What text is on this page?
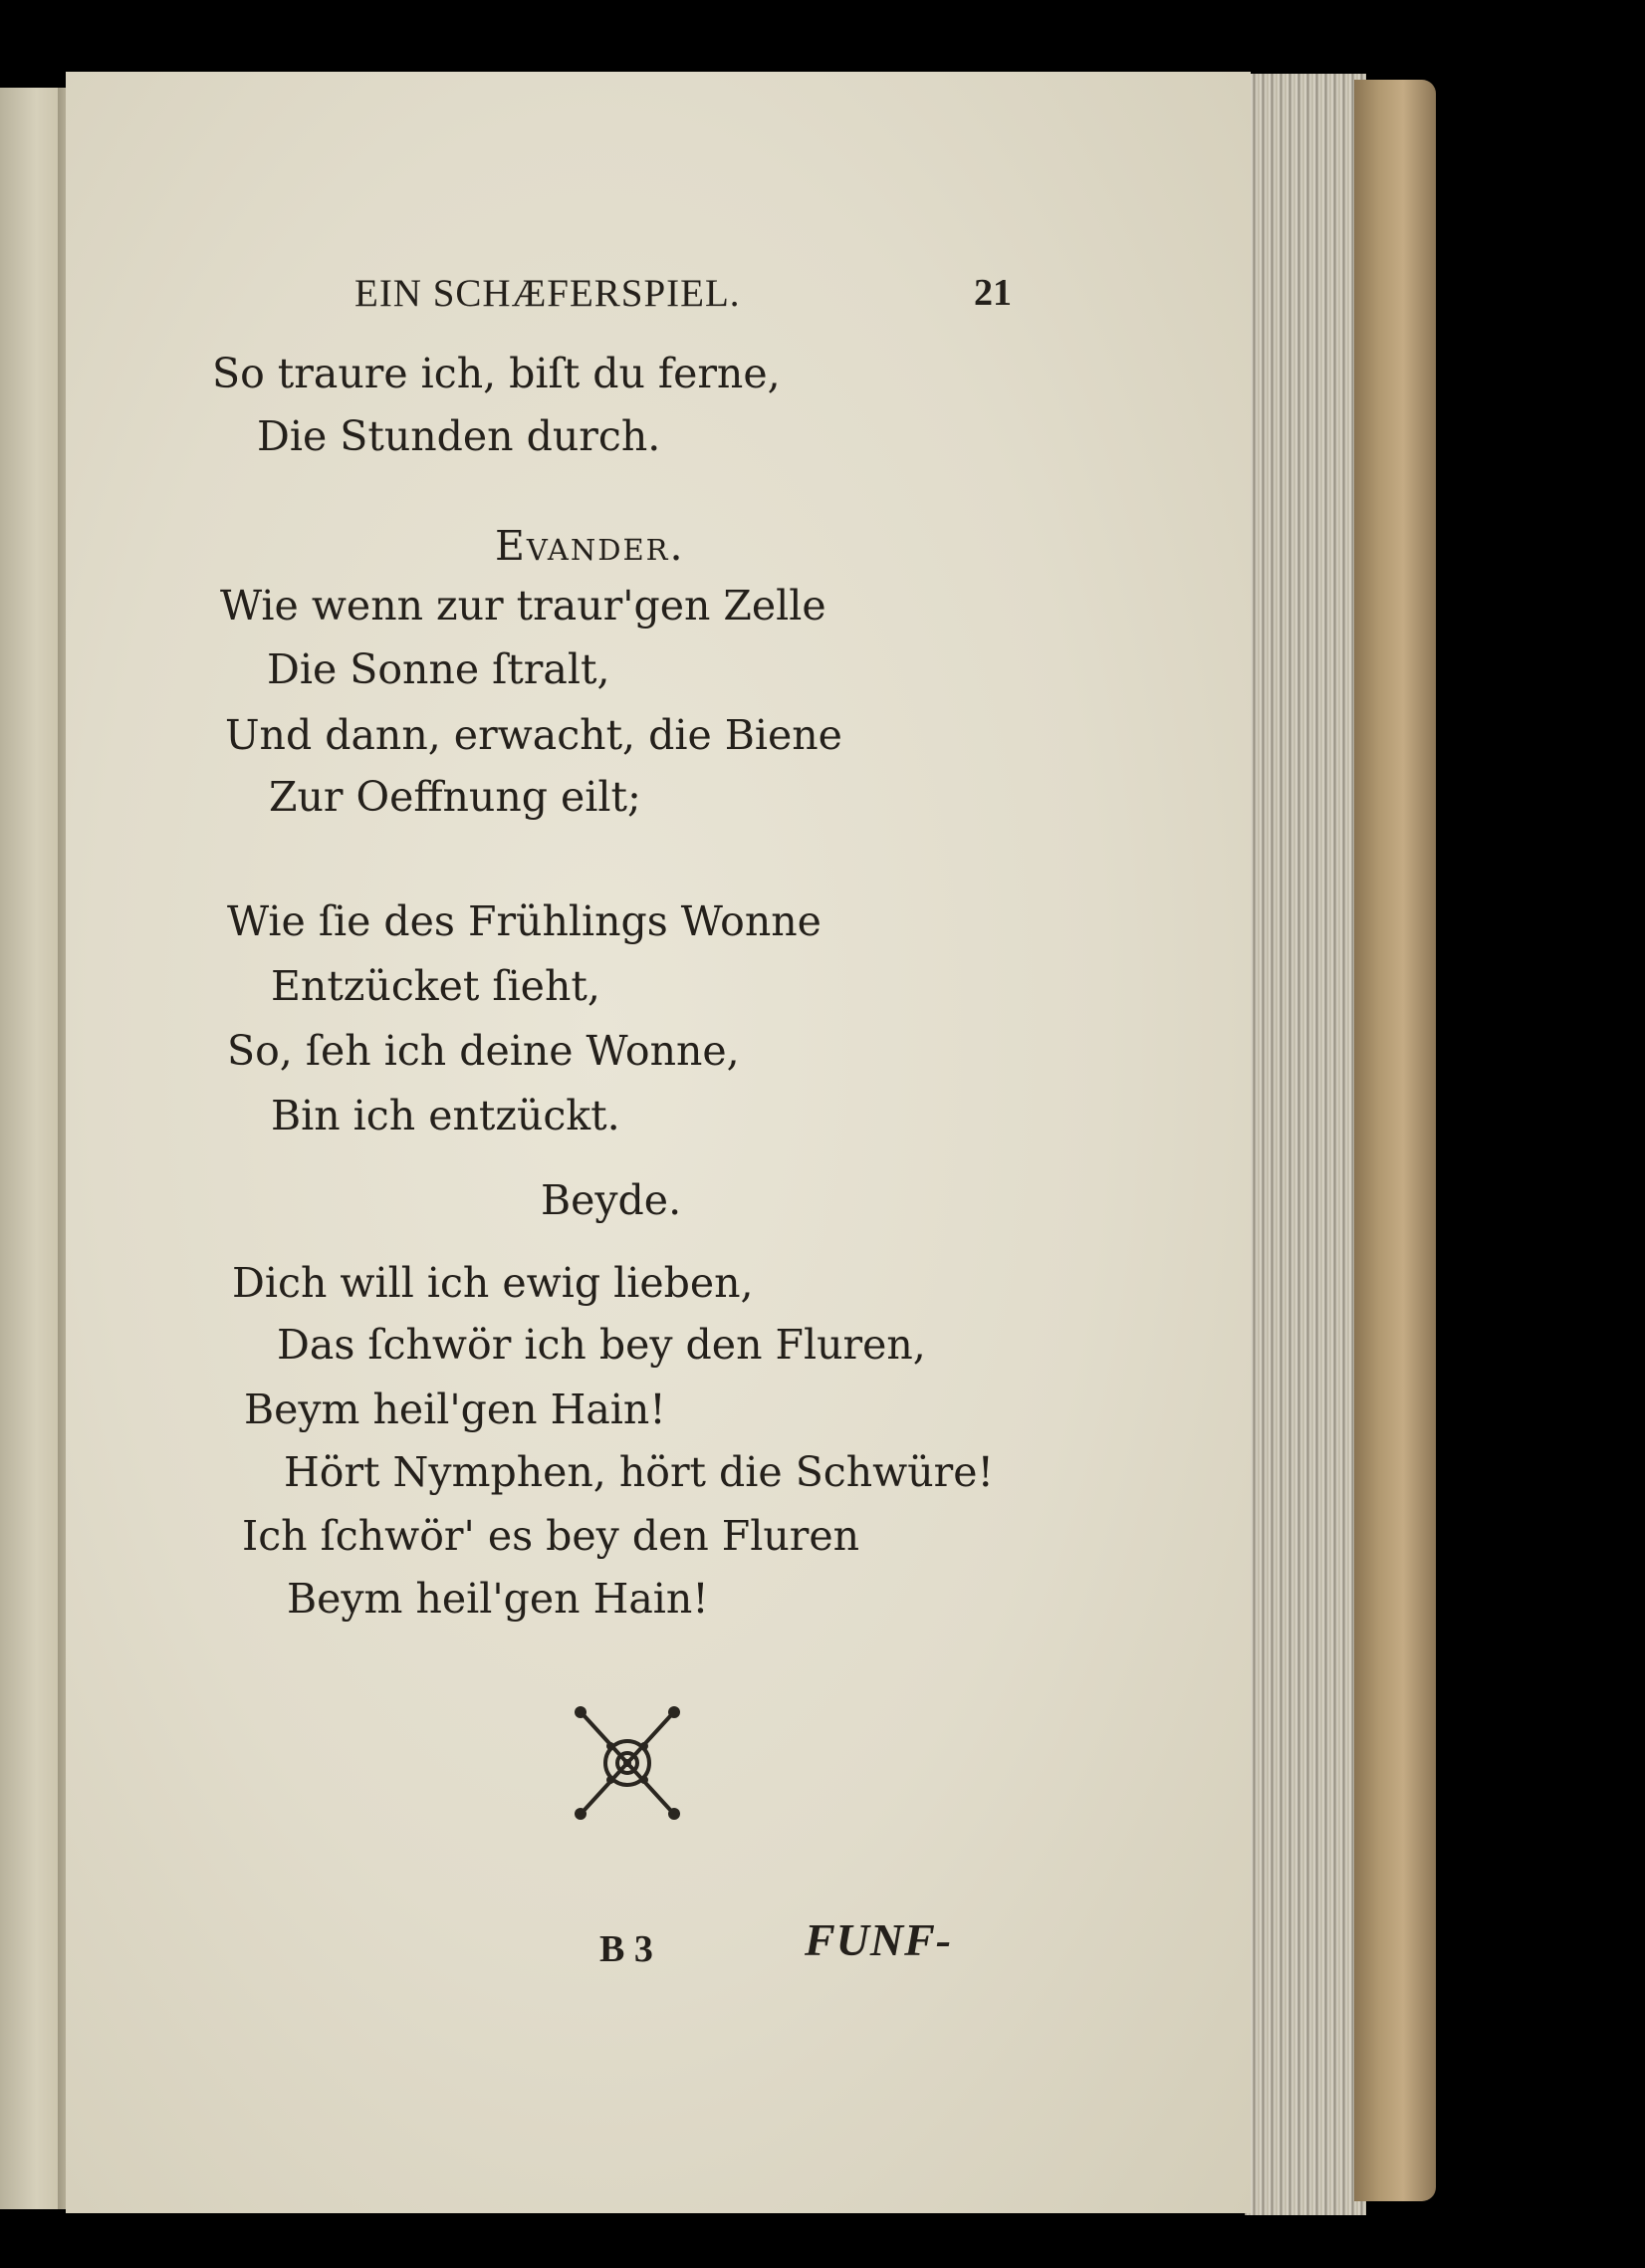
EIN SCHÆFERSPIEL.	21
So traure ich, biſt du ferne,
Die Stunden durch.
Evander.
Wie wenn zur traur'gen Zelle
Die Sonne ſtralt,
Und dann, erwacht, die Biene
Zur Oeffnung eilt;
Wie ſie des Frühlings Wonne
Entzücket ſieht,
So, ſeh ich deine Wonne,
Bin ich entzückt.
Beyde.
Dich will ich ewig lieben,
Das ſchwör ich bey den Fluren,
Beym heil'gen Hain!
Hört Nymphen, hört die Schwüre!
Ich ſchwör' es bey den Fluren
Beym heil'gen Hain!
B 3	FUNF-
